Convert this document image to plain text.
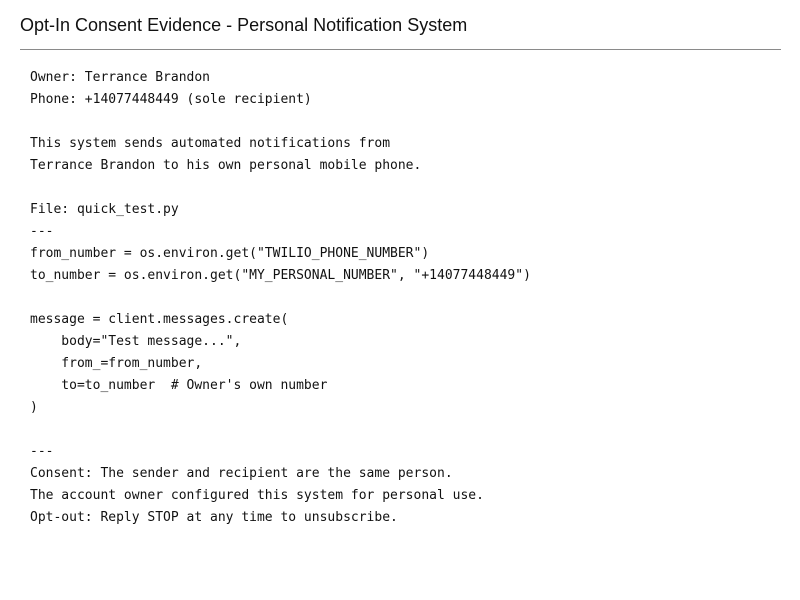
Opt-In Consent Evidence - Personal Notification System
Owner: Terrance Brandon
Phone: +14077448449 (sole recipient)
This system sends automated notifications from
Terrance Brandon to his own personal mobile phone.
File: quick_test.py
---
from_number = os.environ.get("TWILIO_PHONE_NUMBER")
to_number = os.environ.get("MY_PERSONAL_NUMBER", "+14077448449")
message = client.messages.create(
body="Test message...",
from_=from_number,
to=to_number  # Owner's own number
)
---
Consent: The sender and recipient are the same person.
The account owner configured this system for personal use.
Opt-out: Reply STOP at any time to unsubscribe.
